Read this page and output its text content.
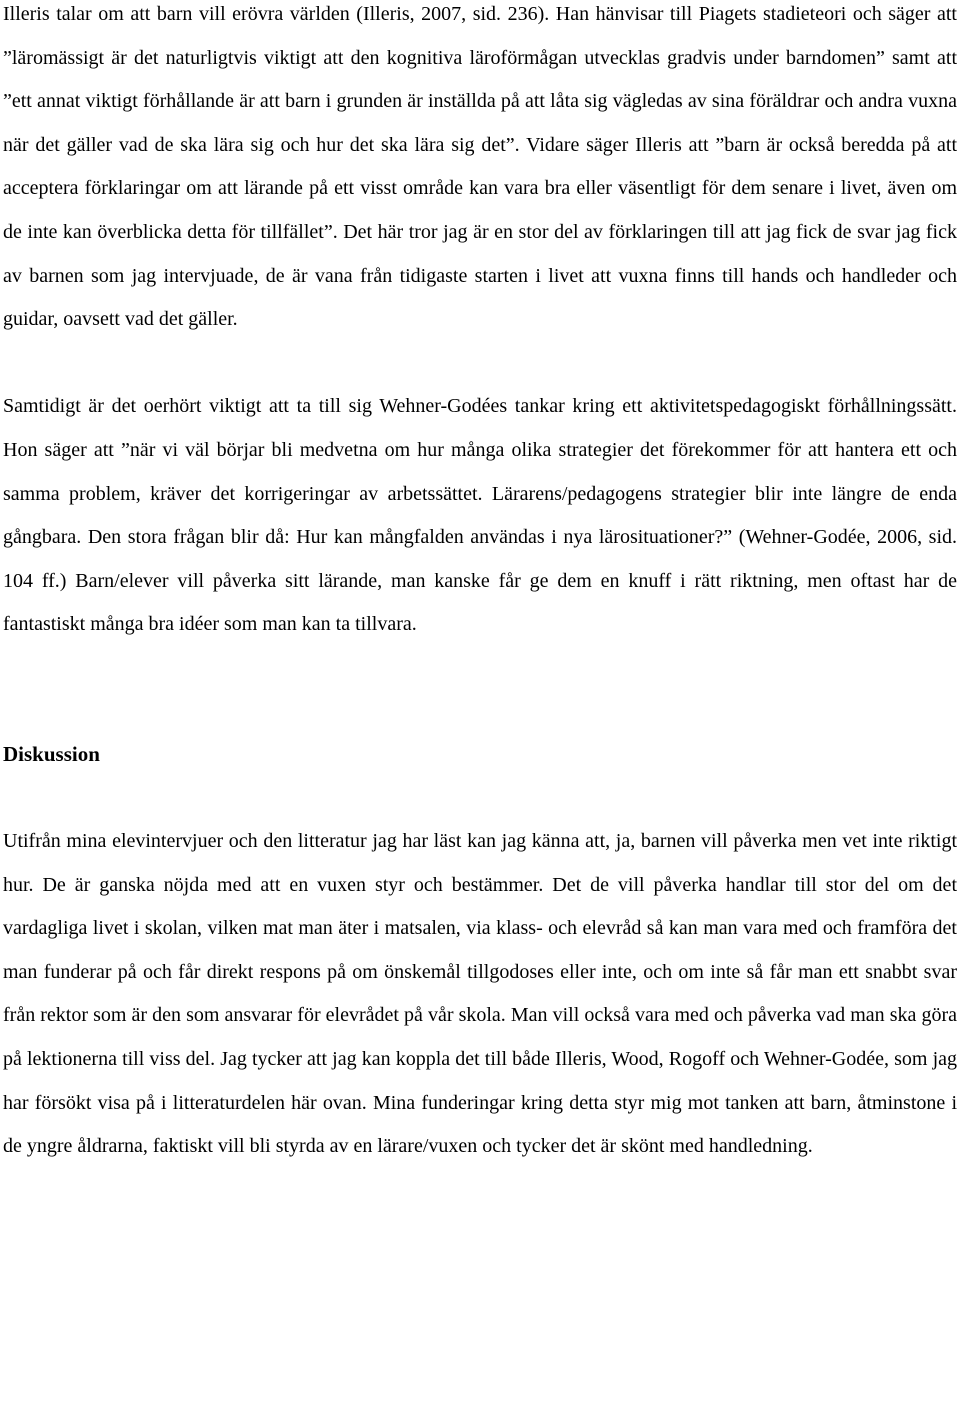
Illeris talar om att barn vill erövra världen (Illeris, 2007, sid. 236). Han hänvisar till Piagets stadieteori och säger att ”läromässigt är det naturligtvis viktigt att den kognitiva läroförmågan utvecklas gradvis under barndomen” samt att ”ett annat viktigt förhållande är att barn i grunden är inställda på att låta sig vägledas av sina föräldrar och andra vuxna när det gäller vad de ska lära sig och hur det ska lära sig det”. Vidare säger Illeris att ”barn är också beredda på att acceptera förklaringar om att lärande på ett visst område kan vara bra eller väsentligt för dem senare i livet, även om de inte kan överblicka detta för tillfället”. Det här tror jag är en stor del av förklaringen till att jag fick de svar jag fick av barnen som jag intervjuade, de är vana från tidigaste starten i livet att vuxna finns till hands och handleder och guidar, oavsett vad det gäller.

Samtidigt är det oerhört viktigt att ta till sig Wehner-Godées tankar kring ett aktivitetspedagogiskt förhållningssätt. Hon säger att ”när vi väl börjar bli medvetna om hur många olika strategier det förekommer för att hantera ett och samma problem, kräver det korrigeringar av arbetssättet. Lärarens/pedagogens strategier blir inte längre de enda gångbara. Den stora frågan blir då: Hur kan mångfalden användas i nya lärosituationer?” (Wehner-Godée, 2006, sid. 104 ff.) Barn/elever vill påverka sitt lärande, man kanske får ge dem en knuff i rätt riktning, men oftast har de fantastiskt många bra idéer som man kan ta tillvara.

Diskussion

Utifrån mina elevintervjuer och den litteratur jag har läst kan jag känna att, ja, barnen vill påverka men vet inte riktigt hur. De är ganska nöjda med att en vuxen styr och bestämmer. Det de vill påverka handlar till stor del om det vardagliga livet i skolan, vilken mat man äter i matsalen, via klass- och elevråd så kan man vara med och framföra det man funderar på och får direkt respons på om önskemål tillgodoses eller inte, och om inte så får man ett snabbt svar från rektor som är den som ansvarar för elevrådet på vår skola. Man vill också vara med och påverka vad man ska göra på lektionerna till viss del. Jag tycker att jag kan koppla det till både Illeris, Wood, Rogoff och Wehner-Godée, som jag har försökt visa på i litteraturdelen här ovan. Mina funderingar kring detta styr mig mot tanken att barn, åtminstone i de yngre åldrarna, faktiskt vill bli styrda av en lärare/vuxen och tycker det är skönt med handledning.
